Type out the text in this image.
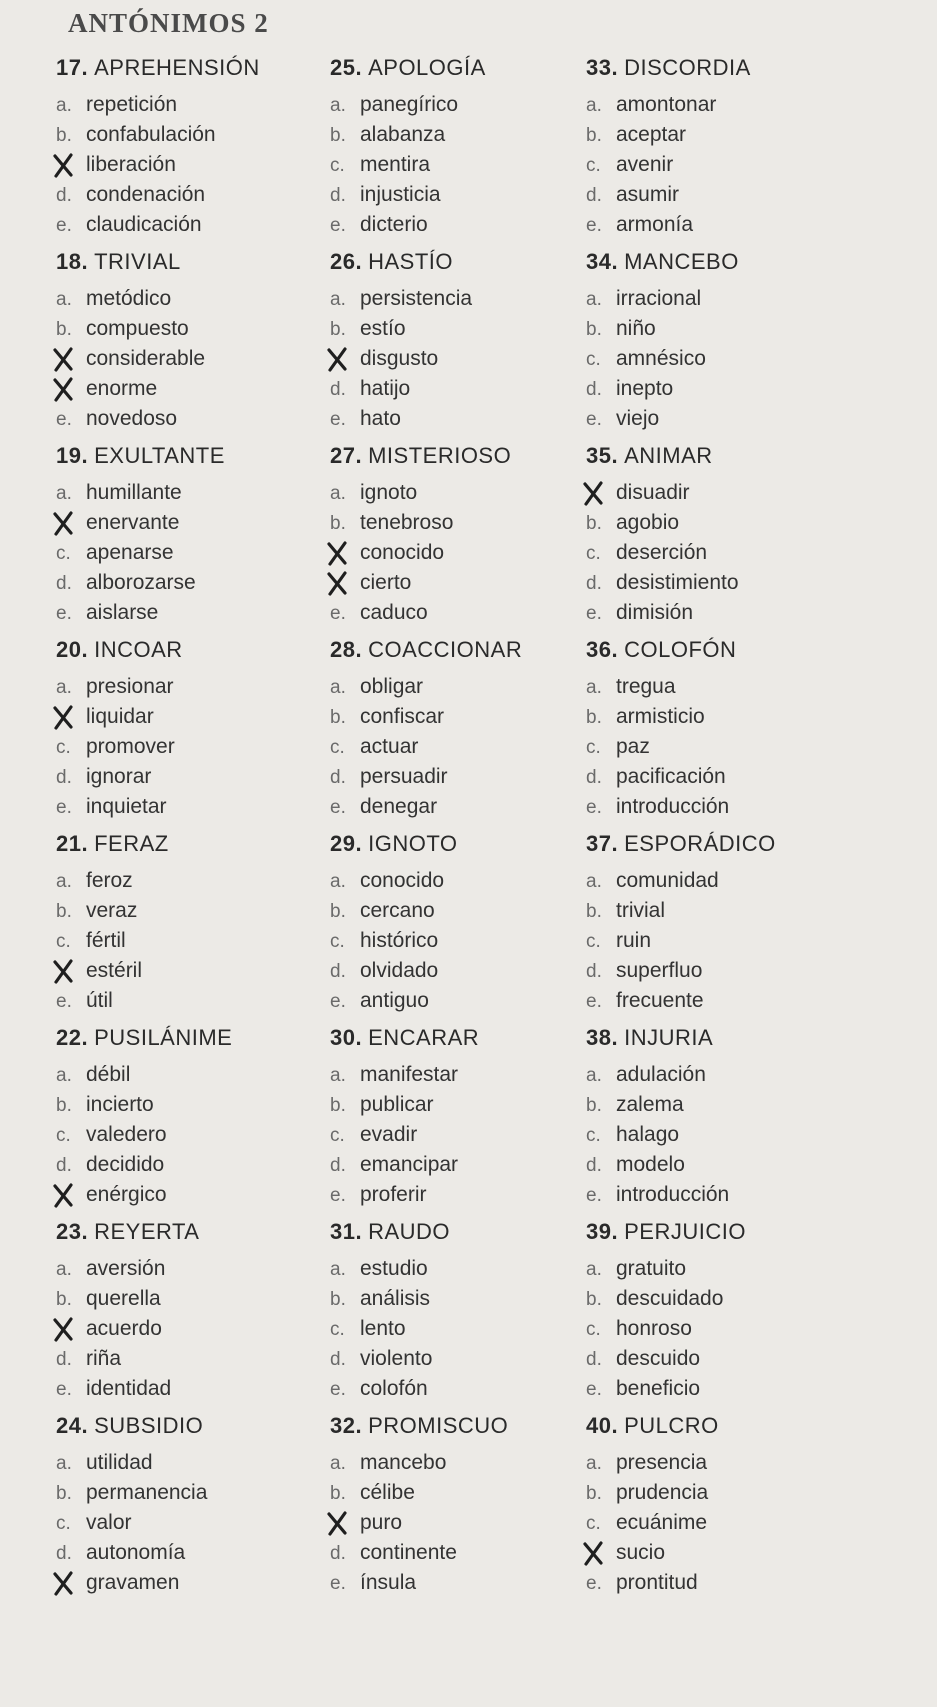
ANTÓNIMOS 2
17. APREHENSIÓN
a. repetición
b. confabulación
liberación
d. condenación
e. claudicación
18. TRIVIAL
a. metódico
b. compuesto
considerable
enorme
e. novedoso
19. EXULTANTE
a. humillante
enervante
c. apenarse
d. alborozarse
e. aislarse
20. INCOAR
a. presionar
liquidar
c. promover
d. ignorar
e. inquietar
21. FERAZ
a. feroz
b. veraz
c. fértil
estéril
e. útil
22. PUSILÁNIME
a. débil
b. incierto
c. valedero
d. decidido
enérgico
23. REYERTA
a. aversión
b. querella
acuerdo
d. riña
e. identidad
24. SUBSIDIO
a. utilidad
b. permanencia
c. valor
d. autonomía
gravamen
25. APOLOGÍA
a. panegírico
b. alabanza
c. mentira
d. injusticia
e. dicterio
26. HASTÍO
a. persistencia
b. estío
disgusto
d. hatijo
e. hato
27. MISTERIOSO
a. ignoto
b. tenebroso
conocido
cierto
e. caduco
28. COACCIONAR
a. obligar
b. confiscar
c. actuar
d. persuadir
e. denegar
29. IGNOTO
a. conocido
b. cercano
c. histórico
d. olvidado
e. antiguo
30. ENCARAR
a. manifestar
b. publicar
c. evadir
d. emancipar
e. proferir
31. RAUDO
a. estudio
b. análisis
c. lento
d. violento
e. colofón
32. PROMISCUO
a. mancebo
b. célibe
puro
d. continente
e. ínsula
33. DISCORDIA
a. amontonar
b. aceptar
c. avenir
d. asumir
e. armonía
34. MANCEBO
a. irracional
b. niño
c. amnésico
d. inepto
e. viejo
35. ANIMAR
disuadir
b. agobio
c. deserción
d. desistimiento
e. dimisión
36. COLOFÓN
a. tregua
b. armisticio
c. paz
d. pacificación
e. introducción
37. ESPORÁDICO
a. comunidad
b. trivial
c. ruin
d. superfluo
e. frecuente
38. INJURIA
a. adulación
b. zalema
c. halago
d. modelo
e. introducción
39. PERJUICIO
a. gratuito
b. descuidado
c. honroso
d. descuido
e. beneficio
40. PULCRO
a. presencia
b. prudencia
c. ecuánime
sucio
e. prontitud
